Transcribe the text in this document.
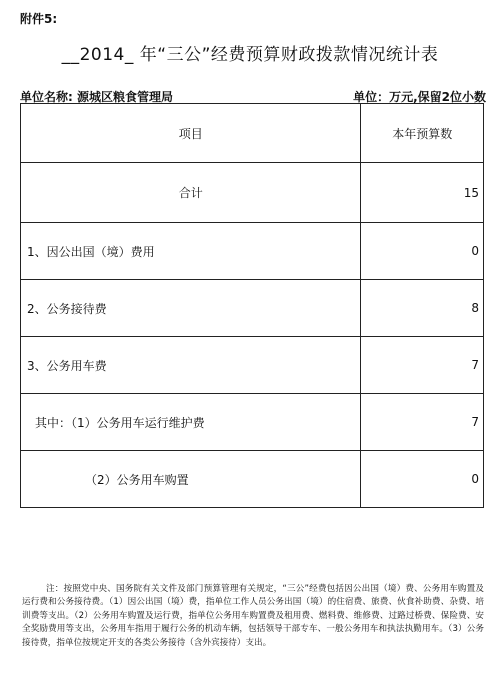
附件5:
__2014_ 年“三公”经费预算财政拨款情况统计表
单位名称: 源城区粮食管理局	单位：万元,保留2位小数
项目	本年预算数
合计	15
1、因公出国（境）费用	0
2、公务接待费	8
3、公务用车费	7
其中：（1）公务用车运行维护费	7
（2）公务用车购置	0
注：按照党中央、国务院有关文件及部门预算管理有关规定，“三公”经费包括因公出国（境）费、公务用车购置及运行费和公务接待费。（1）因公出国（境）费，指单位工作人员公务出国（境）的住宿费、旅费、伙食补助费、杂费、培训费等支出。（2）公务用车购置及运行费，指单位公务用车购置费及租用费、燃料费、维修费、过路过桥费、保险费、安全奖励费用等支出，公务用车指用于履行公务的机动车辆，包括领导干部专车、一般公务用车和执法执勤用车。（3）公务接待费，指单位按规定开支的各类公务接待（含外宾接待）支出。
